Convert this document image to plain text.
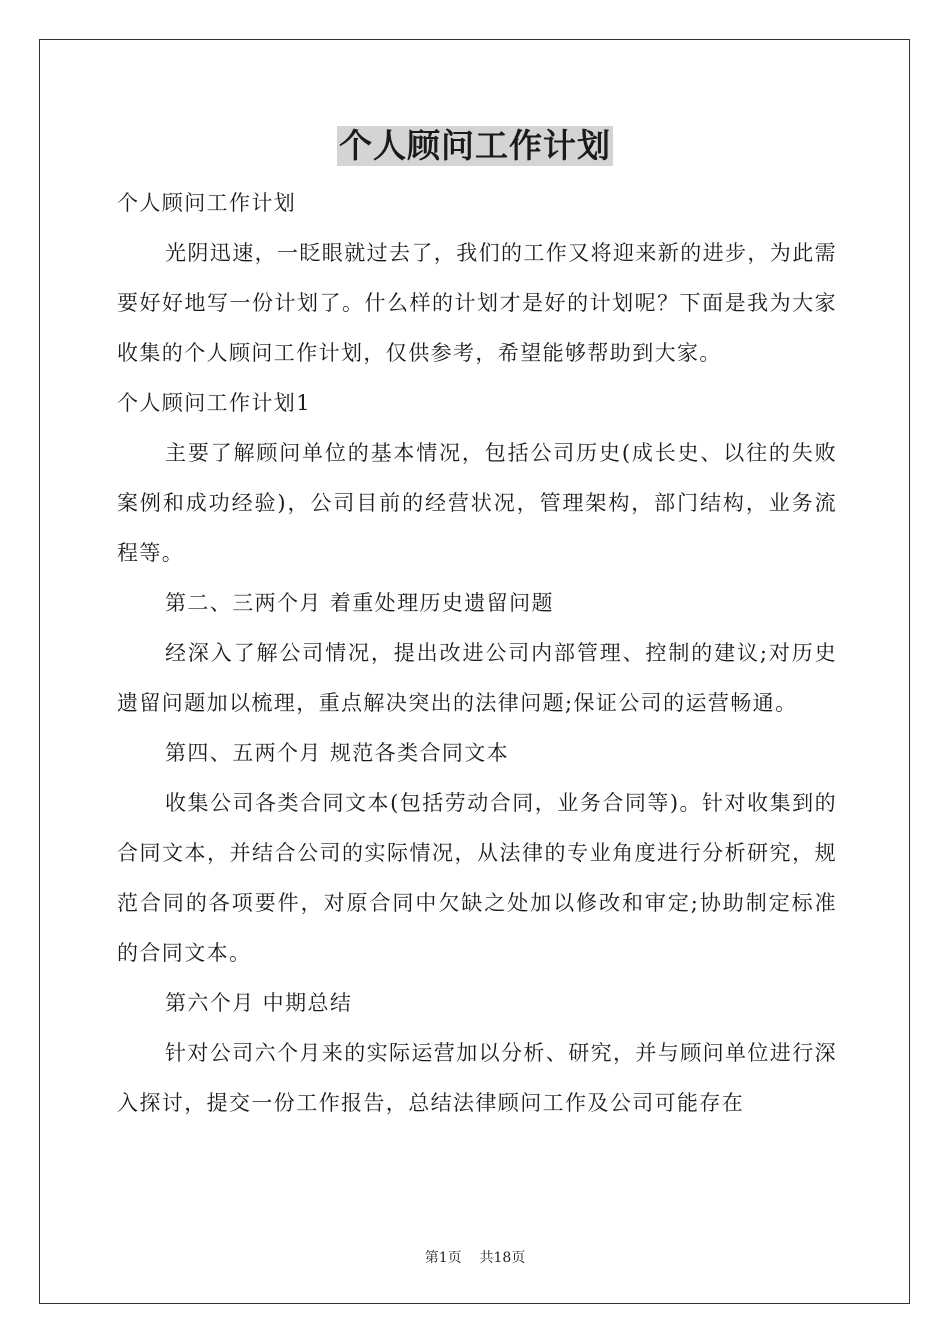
个人顾问工作计划

个人顾问工作计划

光阴迅速，一眨眼就过去了，我们的工作又将迎来新的进步，为此需要好好地写一份计划了。什么样的计划才是好的计划呢？下面是我为大家收集的个人顾问工作计划，仅供参考，希望能够帮助到大家。

个人顾问工作计划1

主要了解顾问单位的基本情况，包括公司历史(成长史、以往的失败案例和成功经验)，公司目前的经营状况，管理架构，部门结构，业务流程等。

第二、三两个月 着重处理历史遗留问题

经深入了解公司情况，提出改进公司内部管理、控制的建议;对历史遗留问题加以梳理，重点解决突出的法律问题;保证公司的运营畅通。

第四、五两个月 规范各类合同文本

收集公司各类合同文本(包括劳动合同，业务合同等)。针对收集到的合同文本，并结合公司的实际情况，从法律的专业角度进行分析研究，规范合同的各项要件，对原合同中欠缺之处加以修改和审定;协助制定标准的合同文本。

第六个月 中期总结

针对公司六个月来的实际运营加以分析、研究，并与顾问单位进行深入探讨，提交一份工作报告，总结法律顾问工作及公司可能存在

第1页 共18页
